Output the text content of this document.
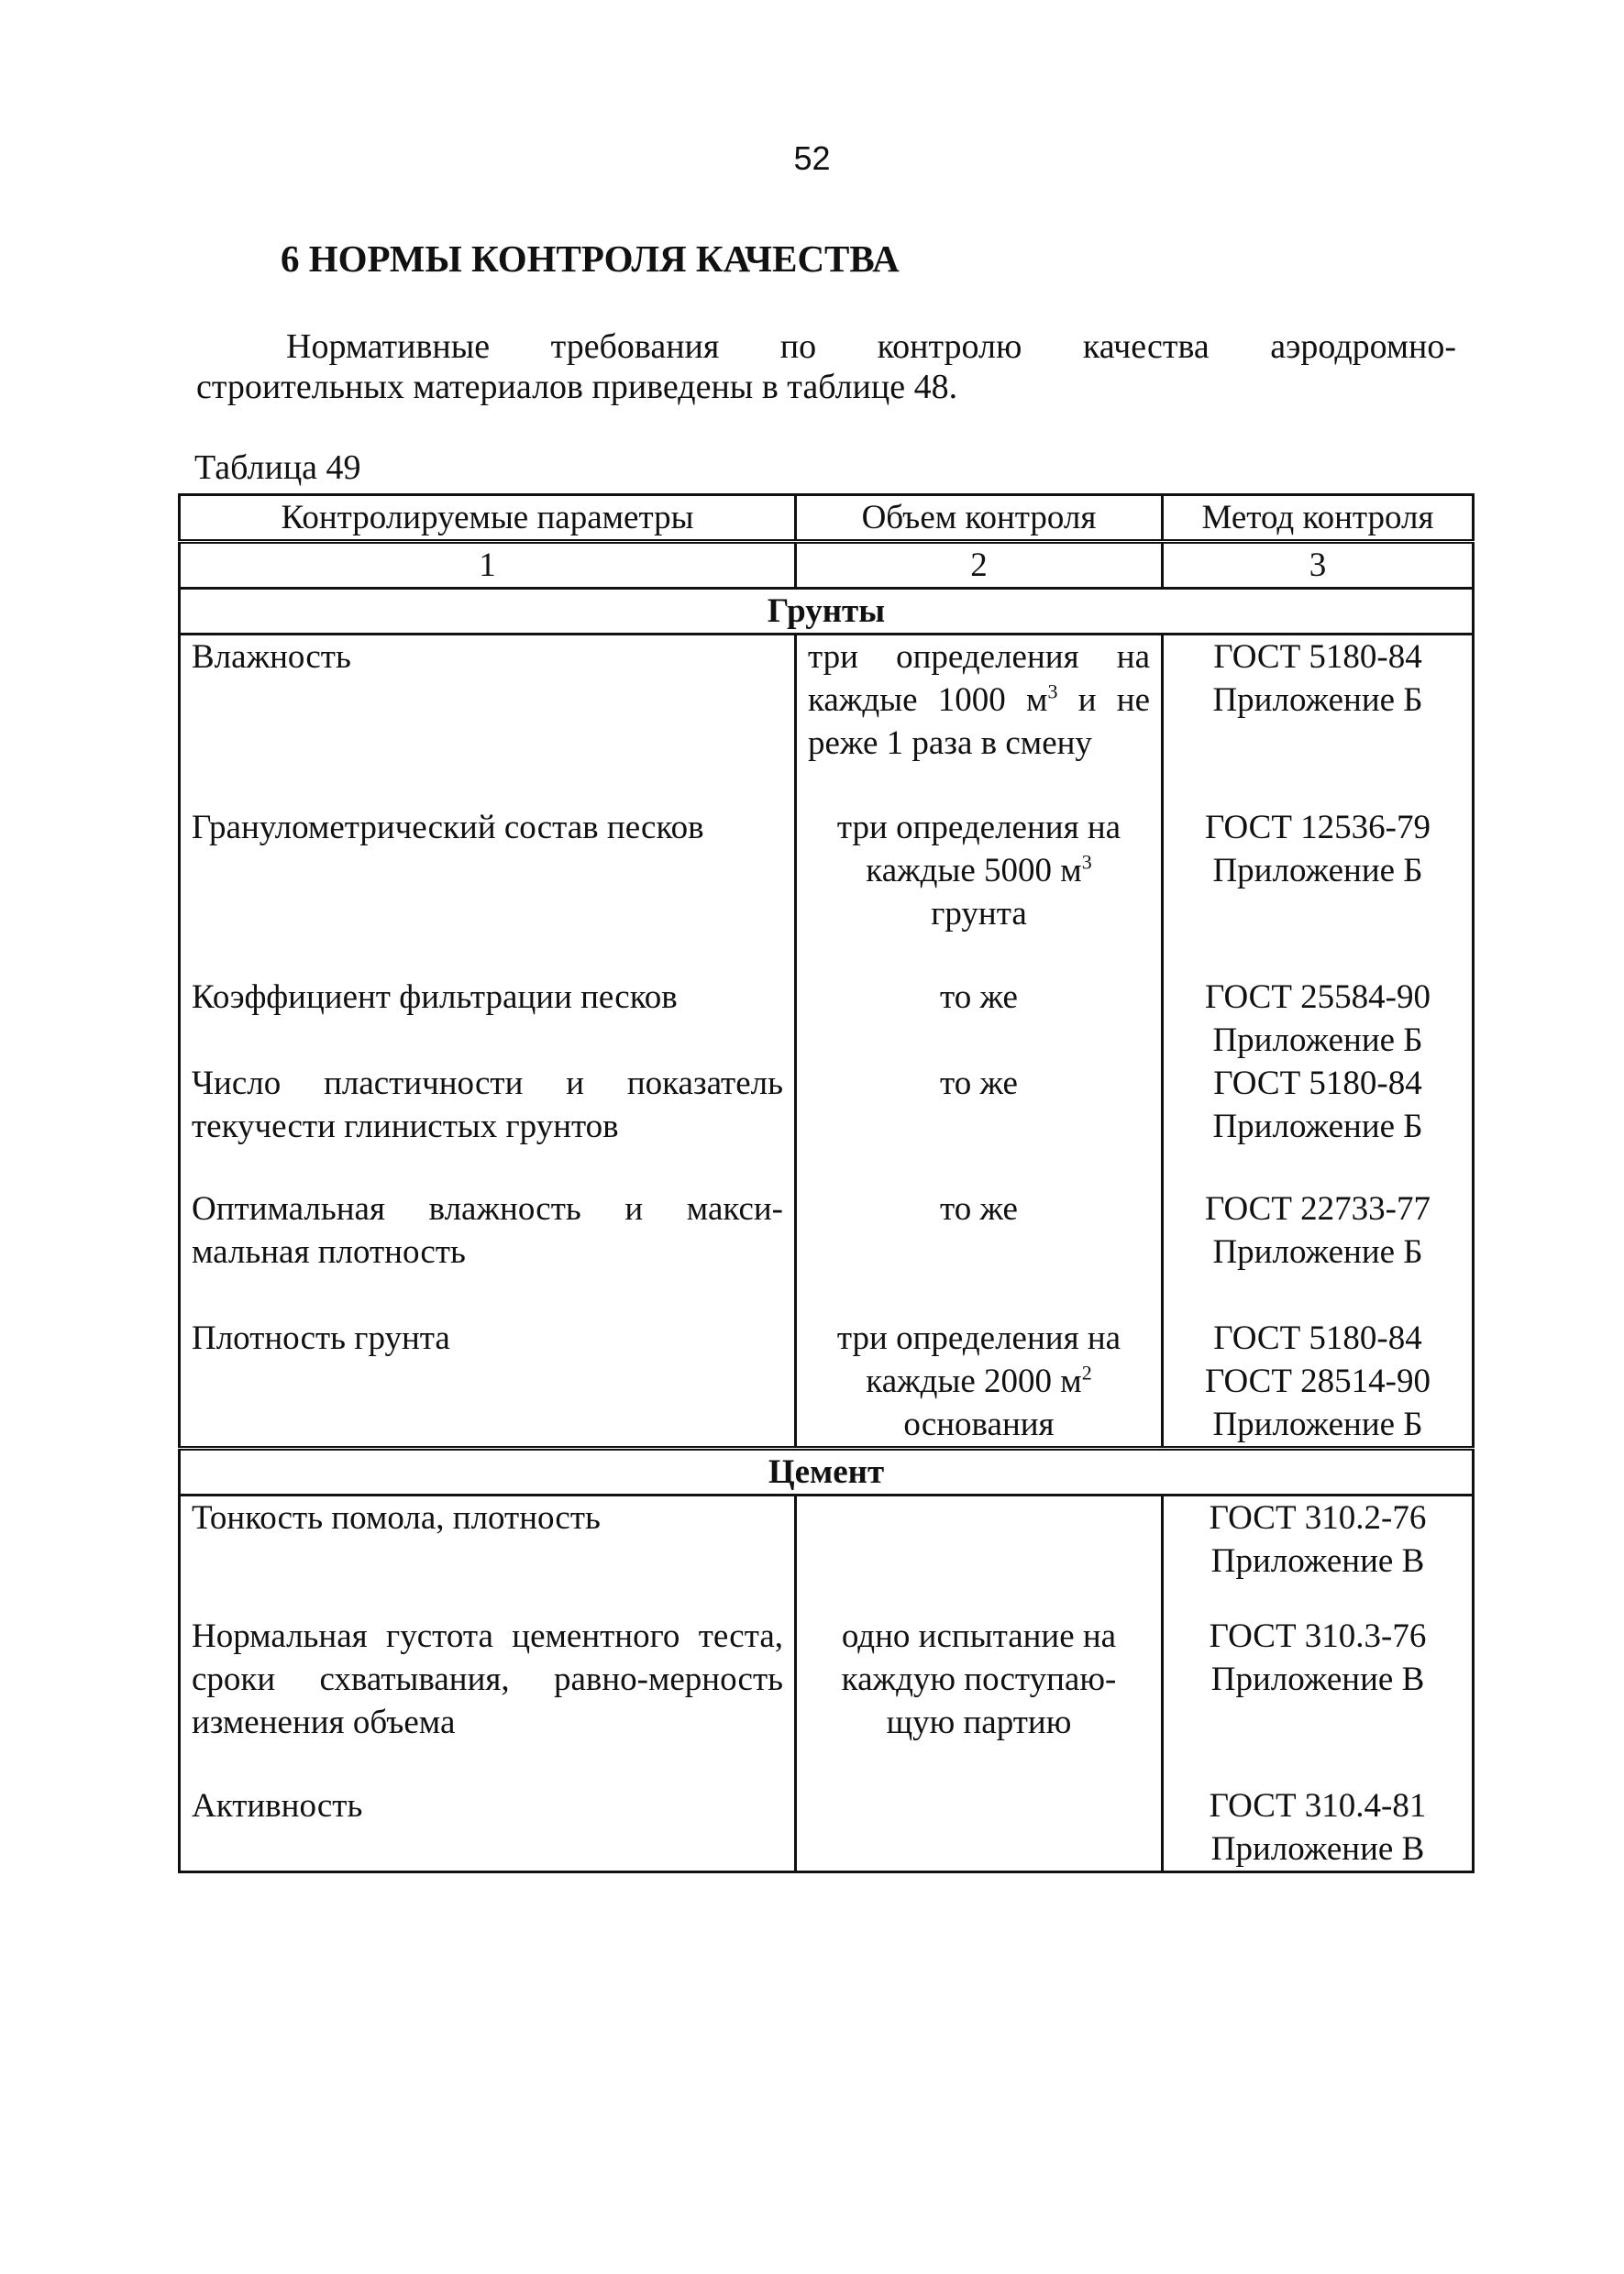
52
6 НОРМЫ КОНТРОЛЯ КАЧЕСТВА
Нормативные требования по контролю качества аэродромно-
строительных материалов приведены в таблице 48.
Таблица 49
Контролируемые параметры	Объем контроля	Метод контроля
1	2	3
Грунты		
Влажность	три определения на каждые 1000 $м^3$ и не реже 1 раза в смену	ГОСТ 5180-84
Приложение Б
Гранулометрический состав песков	три определения на
каждые 5000 $м^3$
грунта	ГОСТ 12536-79
Приложение Б
Коэффициент фильтрации песков	то же	ГОСТ 25584-90
Приложение Б
Число пластичности и показатель текучести глинистых грунтов	то же	ГОСТ 5180-84
Приложение Б
Оптимальная влажность и макси-мальная плотность	то же	ГОСТ 22733-77
Приложение Б
Плотность грунта	три определения на
каждые 2000 $м^2$
основания	ГОСТ 5180-84
ГОСТ 28514-90
Приложение Б
Цемент		
Тонкость помола, плотность		ГОСТ 310.2-76
Приложение В
Нормальная густота цементного теста, сроки схватывания, равно-мерность изменения объема	одно испытание на
каждую поступаю-
щую партию	ГОСТ 310.3-76
Приложение В
Активность		ГОСТ 310.4-81
Приложение В
